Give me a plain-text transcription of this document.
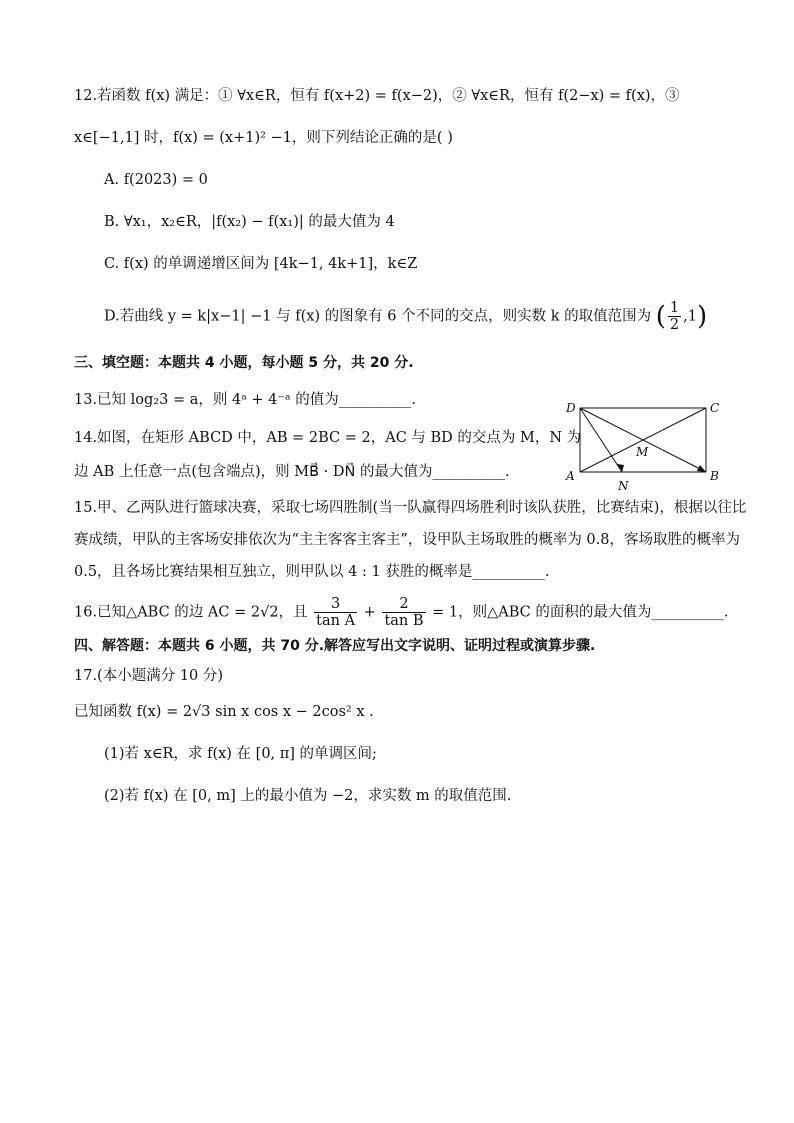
12.若函数 f(x) 满足：① ∀x∈R，恒有 f(x+2) = f(x−2)，② ∀x∈R，恒有 f(2−x) = f(x)，③
x∈[−1,1] 时，f(x) = (x+1)² −1，则下列结论正确的是( )
A. f(2023) = 0
B. ∀x₁，x₂∈R，|f(x₂) − f(x₁)| 的最大值为 4
C. f(x) 的单调递增区间为 [4k−1, 4k+1]，k∈Z
D.若曲线 y = k|x−1| −1 与 f(x) 的图象有 6 个不同的交点，则实数 k 的取值范围为 ( $\frac{1}{2} ,1$)
三、填空题：本题共 4 小题，每小题 5 分，共 20 分.
13.已知 log₂3 = a，则 4ᵃ + 4⁻ᵃ 的值为__________.
14.如图，在矩形 ABCD 中，AB = 2BC = 2，AC 与 BD 的交点为 M，N 为
边 AB 上任意一点(包含端点)，则 MB⃗ · DN⃗ 的最大值为__________.
D	C
A	B
M
N
15.甲、乙两队进行篮球决赛，采取七场四胜制(当一队赢得四场胜利时该队获胜，比赛结束)，根据以往比
赛成绩，甲队的主客场安排依次为“主主客客主客主”，设甲队主场取胜的概率为 0.8，客场取胜的概率为
0.5，且各场比赛结果相互独立，则甲队以 4 : 1 获胜的概率是__________.
16.已知△ABC 的边 AC = 2√2，且 $\frac{3}{\text{tan A}} + \frac{2}{\text{tan B}} = 1$，则△ABC 的面积的最大值为__________.
四、解答题：本题共 6 小题，共 70 分.解答应写出文字说明、证明过程或演算步骤.
17.(本小题满分 10 分)
已知函数 f(x) = 2√3 sin x cos x − 2cos² x .
(1)若 x∈R，求 f(x) 在 [0, π] 的单调区间;
(2)若 f(x) 在 [0, m] 上的最小值为 −2，求实数 m 的取值范围.
